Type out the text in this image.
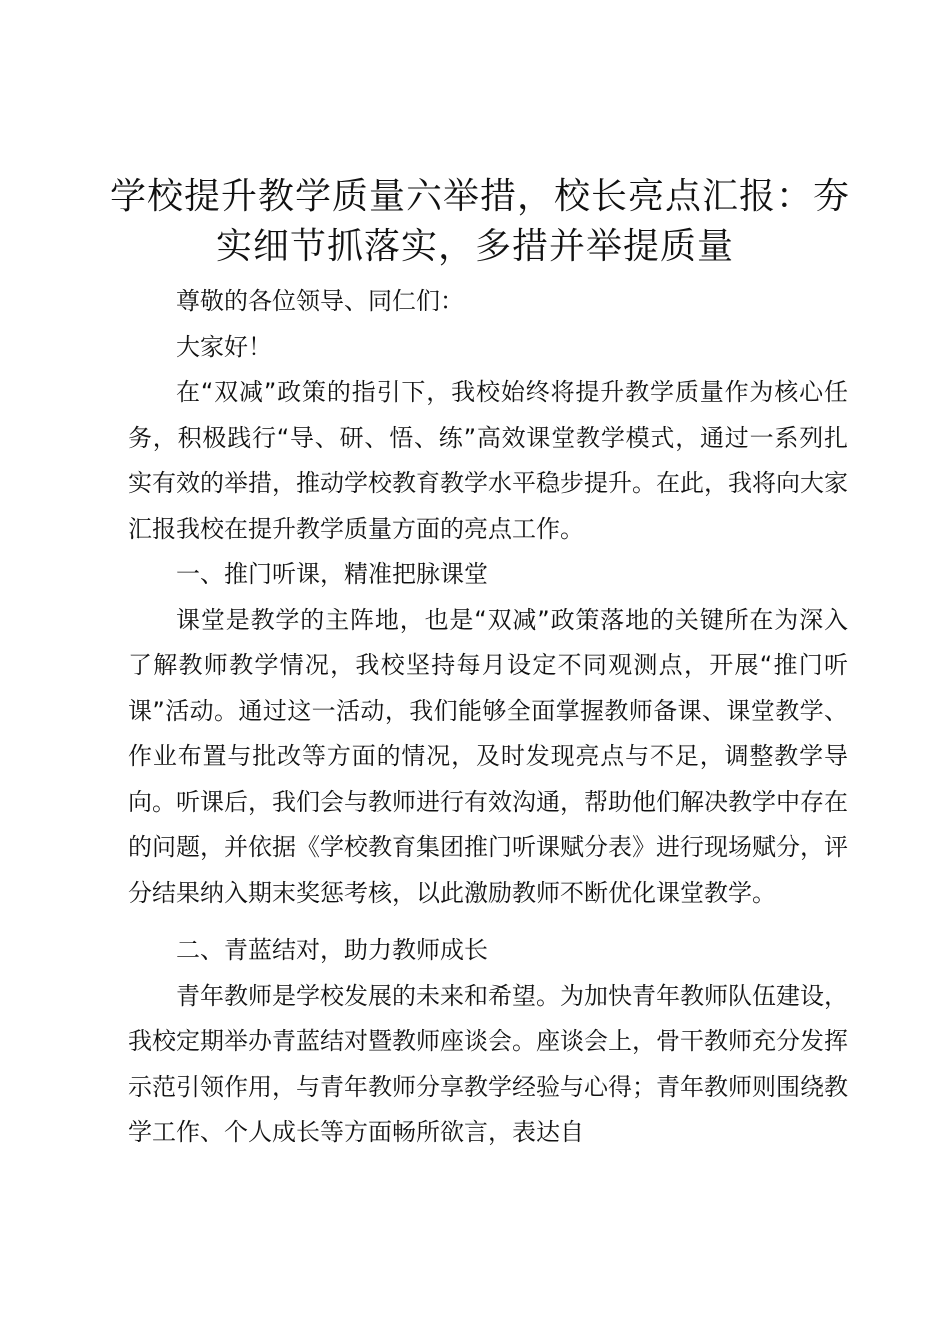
学校提升教学质量六举措，校长亮点汇报：夯
实细节抓落实，多措并举提质量

尊敬的各位领导、同仁们：

大家好！

在“双减”政策的指引下，我校始终将提升教学质量作为核心任务，积极践行“导、研、悟、练”高效课堂教学模式，通过一系列扎实有效的举措，推动学校教育教学水平稳步提升。在此，我将向大家汇报我校在提升教学质量方面的亮点工作。

一、推门听课，精准把脉课堂

课堂是教学的主阵地，也是“双减”政策落地的关键所在为深入了解教师教学情况，我校坚持每月设定不同观测点，开展“推门听课”活动。通过这一活动，我们能够全面掌握教师备课、课堂教学、作业布置与批改等方面的情况，及时发现亮点与不足，调整教学导向。听课后，我们会与教师进行有效沟通，帮助他们解决教学中存在的问题，并依据《学校教育集团推门听课赋分表》进行现场赋分，评分结果纳入期末奖惩考核，以此激励教师不断优化课堂教学。

二、青蓝结对，助力教师成长

青年教师是学校发展的未来和希望。为加快青年教师队伍建设，我校定期举办青蓝结对暨教师座谈会。座谈会上，骨干教师充分发挥示范引领作用，与青年教师分享教学经验与心得；青年教师则围绕教学工作、个人成长等方面畅所欲言，表达自
